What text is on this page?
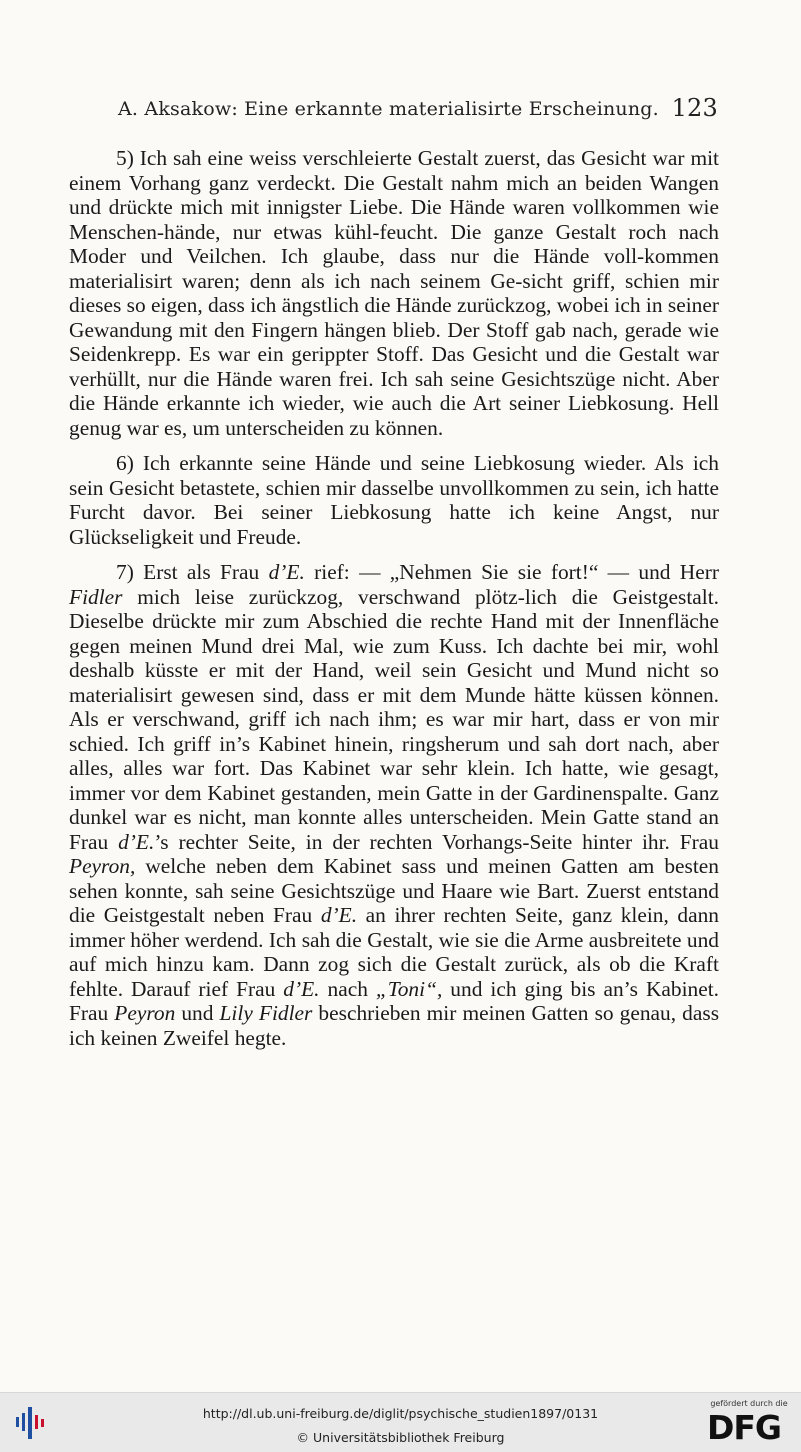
A. Aksakow: Eine erkannte materialisirte Erscheinung. 123

5) Ich sah eine weiss verschleierte Gestalt zuerst, das Gesicht war mit einem Vorhang ganz verdeckt. Die Gestalt nahm mich an beiden Wangen und drückte mich mit innigster Liebe. Die Hände waren vollkommen wie Menschen-hände, nur etwas kühl-feucht. Die ganze Gestalt roch nach Moder und Veilchen. Ich glaube, dass nur die Hände voll-kommen materialisirt waren; denn als ich nach seinem Ge-sicht griff, schien mir dieses so eigen, dass ich ängstlich die Hände zurückzog, wobei ich in seiner Gewandung mit den Fingern hängen blieb. Der Stoff gab nach, gerade wie Seidenkrepp. Es war ein gerippter Stoff. Das Gesicht und die Gestalt war verhüllt, nur die Hände waren frei. Ich sah seine Gesichtszüge nicht. Aber die Hände erkannte ich wieder, wie auch die Art seiner Liebkosung. Hell genug war es, um unterscheiden zu können.

6) Ich erkannte seine Hände und seine Liebkosung wieder. Als ich sein Gesicht betastete, schien mir dasselbe unvollkommen zu sein, ich hatte Furcht davor. Bei seiner Liebkosung hatte ich keine Angst, nur Glückseligkeit und Freude.

7) Erst als Frau d’E. rief: — „Nehmen Sie sie fort!“ — und Herr Fidler mich leise zurückzog, verschwand plötz-lich die Geistgestalt. Dieselbe drückte mir zum Abschied die rechte Hand mit der Innenfläche gegen meinen Mund drei Mal, wie zum Kuss. Ich dachte bei mir, wohl deshalb küsste er mit der Hand, weil sein Gesicht und Mund nicht so materialisirt gewesen sind, dass er mit dem Munde hätte küssen können. Als er verschwand, griff ich nach ihm; es war mir hart, dass er von mir schied. Ich griff in’s Kabinet hinein, ringsherum und sah dort nach, aber alles, alles war fort. Das Kabinet war sehr klein. Ich hatte, wie gesagt, immer vor dem Kabinet gestanden, mein Gatte in der Gardinenspalte. Ganz dunkel war es nicht, man konnte alles unterscheiden. Mein Gatte stand an Frau d’E.’s rechter Seite, in der rechten Vorhangs-Seite hinter ihr. Frau Peyron, welche neben dem Kabinet sass und meinen Gatten am besten sehen konnte, sah seine Gesichtszüge und Haare wie Bart. Zuerst entstand die Geistgestalt neben Frau d’E. an ihrer rechten Seite, ganz klein, dann immer höher werdend. Ich sah die Gestalt, wie sie die Arme ausbreitete und auf mich hinzu kam. Dann zog sich die Gestalt zurück, als ob die Kraft fehlte. Darauf rief Frau d’E. nach „Toni“, und ich ging bis an’s Kabinet. Frau Peyron und Lily Fidler beschrieben mir meinen Gatten so genau, dass ich keinen Zweifel hegte.

http://dl.ub.uni-freiburg.de/diglit/psychische_studien1897/0131
© Universitätsbibliothek Freiburg
gefördert durch die
DFG
